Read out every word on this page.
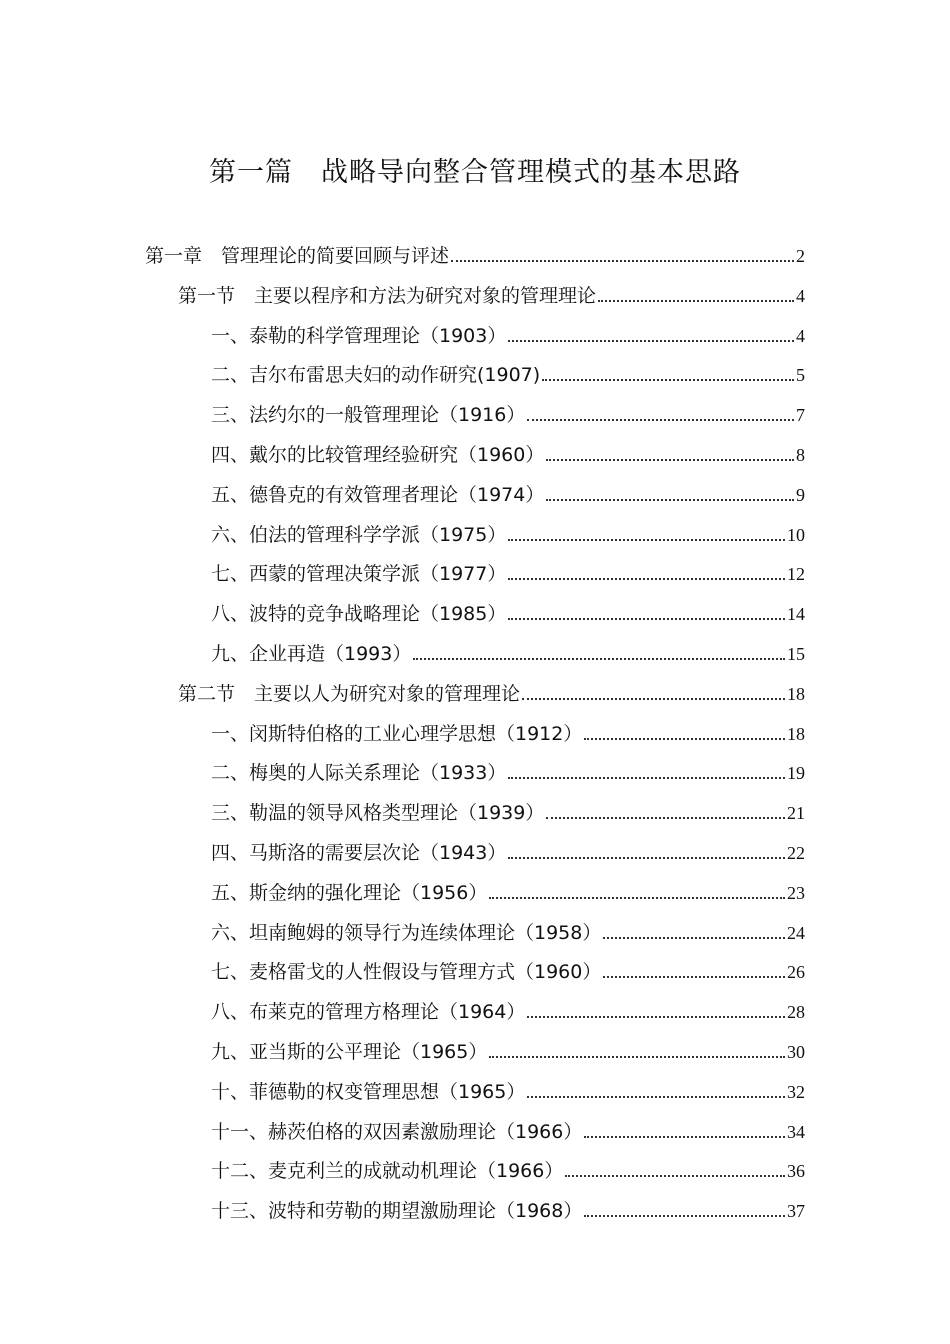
第一篇　战略导向整合管理模式的基本思路
第一章　管理理论的简要回顾与评述	2
第一节　主要以程序和方法为研究对象的管理理论	4
一、泰勒的科学管理理论（1903）	4
二、吉尔布雷思夫妇的动作研究(1907)	5
三、法约尔的一般管理理论（1916）	7
四、戴尔的比较管理经验研究（1960）	8
五、德鲁克的有效管理者理论（1974）	9
六、伯法的管理科学学派（1975）	10
七、西蒙的管理决策学派（1977）	12
八、波特的竞争战略理论（1985）	14
九、企业再造（1993）	15
第二节　主要以人为研究对象的管理理论	18
一、闵斯特伯格的工业心理学思想（1912）	18
二、梅奥的人际关系理论（1933）	19
三、勒温的领导风格类型理论（1939）	21
四、马斯洛的需要层次论（1943）	22
五、斯金纳的强化理论（1956）	23
六、坦南鲍姆的领导行为连续体理论（1958）	24
七、麦格雷戈的人性假设与管理方式（1960）	26
八、布莱克的管理方格理论（1964）	28
九、亚当斯的公平理论（1965）	30
十、菲德勒的权变管理思想（1965）	32
十一、赫茨伯格的双因素激励理论（1966）	34
十二、麦克利兰的成就动机理论（1966）	36
十三、波特和劳勒的期望激励理论（1968）	37
